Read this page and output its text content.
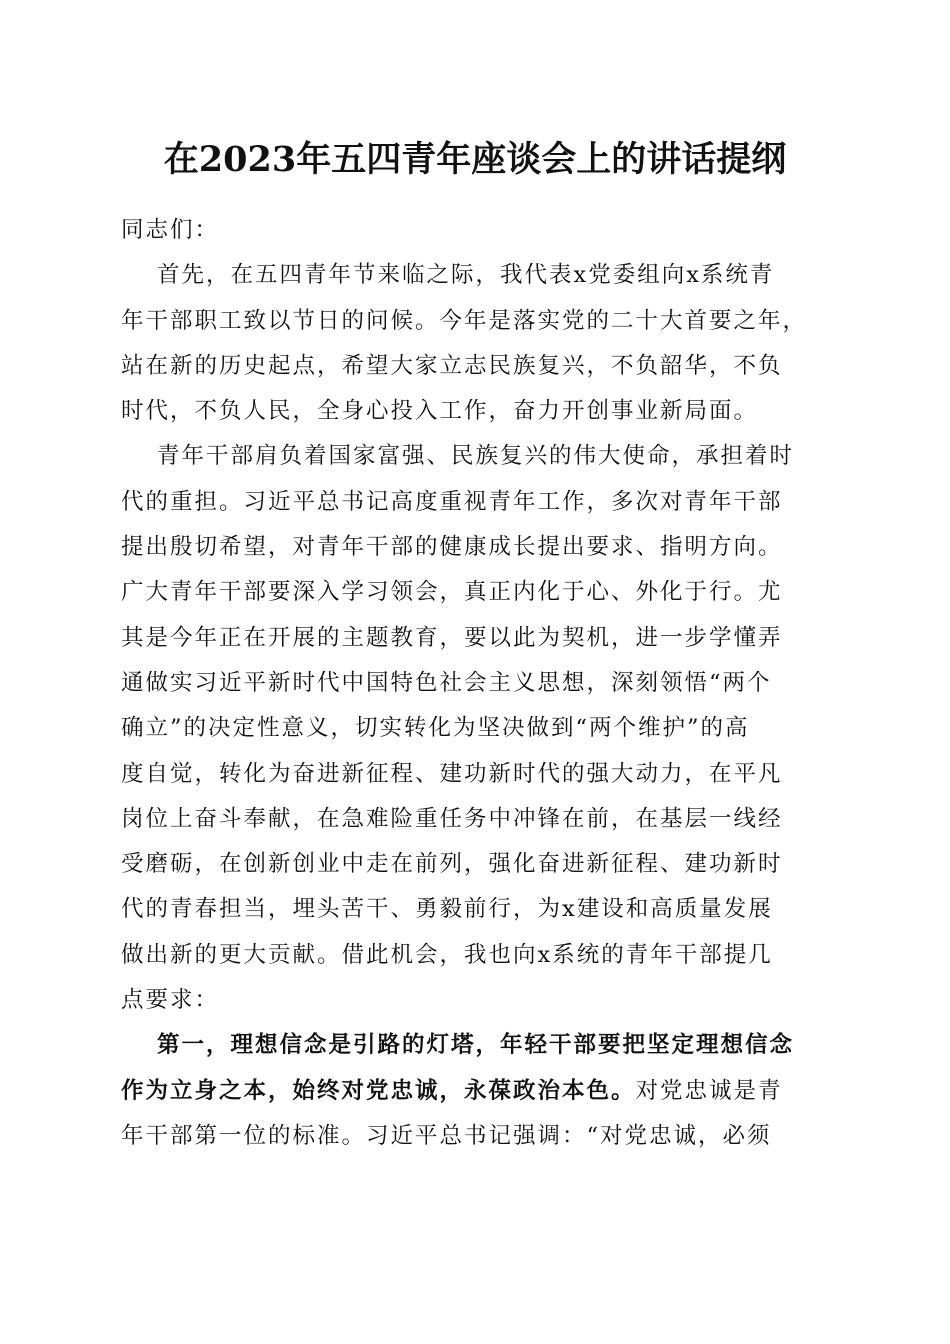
在2023年五四青年座谈会上的讲话提纲
同志们：
首先，在五四青年节来临之际，我代表x党委组向x系统青
年干部职工致以节日的问候。今年是落实党的二十大首要之年，
站在新的历史起点，希望大家立志民族复兴，不负韶华，不负
时代，不负人民，全身心投入工作，奋力开创事业新局面。
青年干部肩负着国家富强、民族复兴的伟大使命，承担着时
代的重担。习近平总书记高度重视青年工作，多次对青年干部
提出殷切希望，对青年干部的健康成长提出要求、指明方向。
广大青年干部要深入学习领会，真正内化于心、外化于行。尤
其是今年正在开展的主题教育，要以此为契机，进一步学懂弄
通做实习近平新时代中国特色社会主义思想，深刻领悟“两个
确立”的决定性意义，切实转化为坚决做到“两个维护”的高
度自觉，转化为奋进新征程、建功新时代的强大动力，在平凡
岗位上奋斗奉献，在急难险重任务中冲锋在前，在基层一线经
受磨砺，在创新创业中走在前列，强化奋进新征程、建功新时
代的青春担当，埋头苦干、勇毅前行，为x建设和高质量发展
做出新的更大贡献。借此机会，我也向x系统的青年干部提几
点要求：
第一，理想信念是引路的灯塔，年轻干部要把坚定理想信念
作为立身之本，始终对党忠诚，永葆政治本色。对党忠诚是青
年干部第一位的标准。习近平总书记强调：“对党忠诚，必须
